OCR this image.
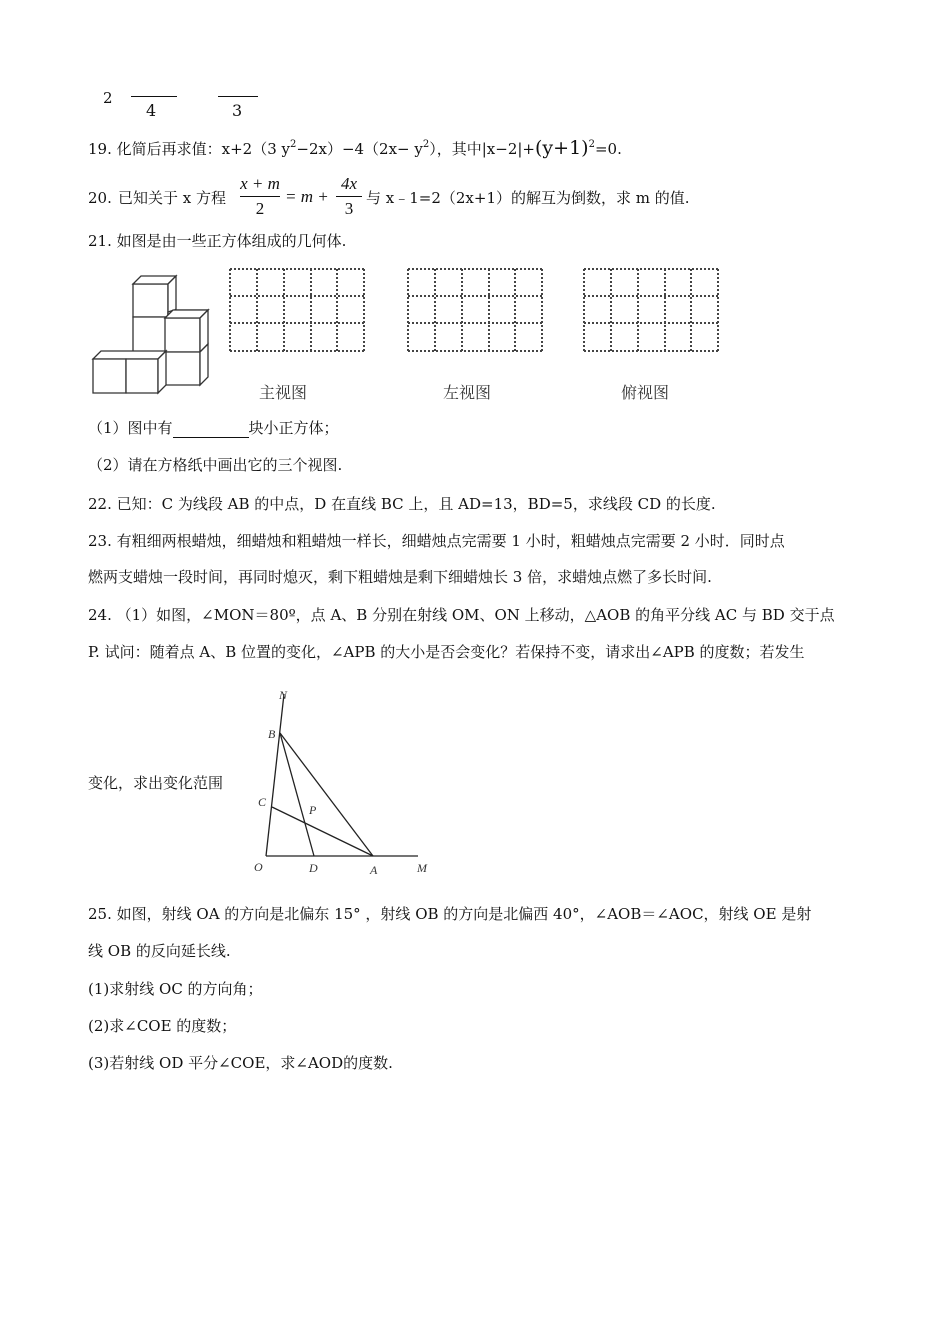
2
4	3
19. 化简后再求值：x+2（3 $y^2-2x)-4(2x- y^2)$，其中$|x-2|+(y+1)^2=0$.
20. 已知关于 x 方程
x + m
2
= m +
4x
3
与 x﹣1=2（2x+1）的解互为倒数，求 m 的值.
21. 如图是由一些正方体组成的几何体.
主视图	左视图	俯视图
（1）图中有	块小正方体；
（2）请在方格纸中画出它的三个视图.
22. 已知：C 为线段 AB 的中点，D 在直线 BC 上，且 AD=13，BD=5，求线段 CD 的长度.
23. 有粗细两根蜡烛，细蜡烛和粗蜡烛一样长，细蜡烛点完需要 1 小时，粗蜡烛点完需要 2 小时．同时点
燃两支蜡烛一段时间，再同时熄灭，剩下粗蜡烛是剩下细蜡烛长 3 倍，求蜡烛点燃了多长时间.
24. （1）如图，∠MON＝80º，点 A、B 分别在射线 OM、ON 上移动，△AOB 的角平分线 AC 与 BD 交于点
P. 试问：随着点 A、B 位置的变化，∠APB 的大小是否会变化？若保持不变，请求出∠APB 的度数；若发生
变化，求出变化范围
N
B
C
P
O	D	A	M
25. 如图，射线 OA 的方向是北偏东 15° ，射线 OB 的方向是北偏西 40°，∠AOB＝∠AOC，射线 OE 是射
线 OB 的反向延长线.
(1)求射线 OC 的方向角；
(2)求∠COE 的度数；
(3)若射线 OD 平分∠COE，求∠AOD的度数.
